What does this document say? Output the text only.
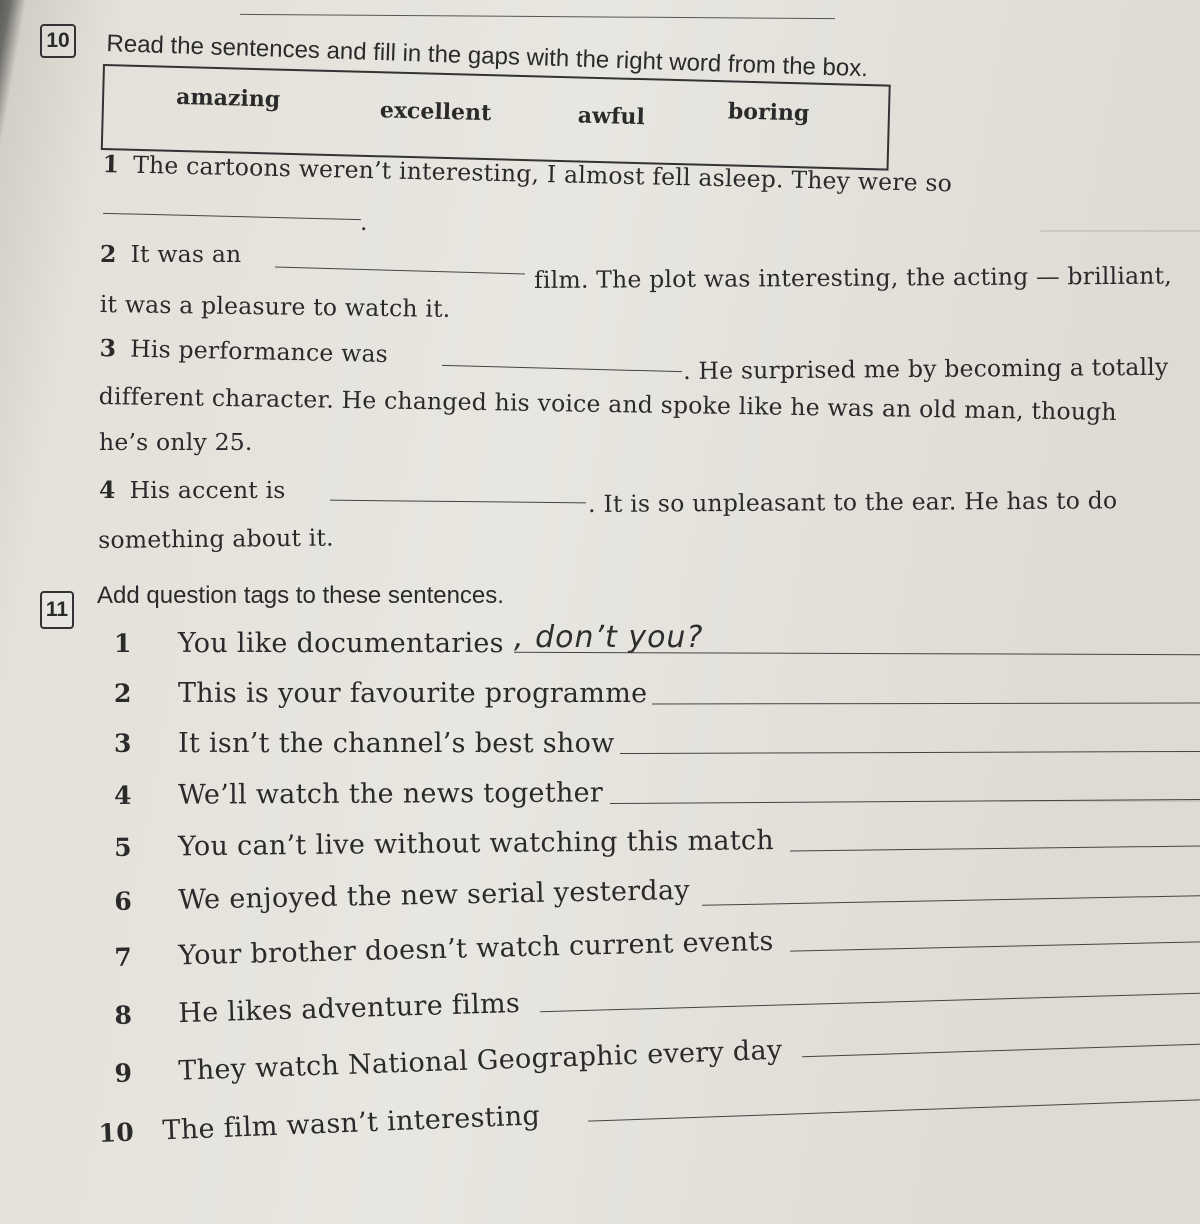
10 Read the sentences and fill in the gaps with the right word from the box.
amazing	excellent	awful	boring
1 The cartoons weren’t interesting, I almost fell asleep. They were so
.
2 It was an
film. The plot was interesting, the acting — brilliant,
it was a pleasure to watch it.
3 His performance was
. He surprised me by becoming a totally
different character. He changed his voice and spoke like he was an old man, though
he’s only 25.
4 His accent is	. It is so unpleasant to the ear. He has to do
something about it.
11
Add question tags to these sentences.
1 You like documentaries , don’t you?
2 This is your favourite programme
3 It isn’t the channel’s best show
4 We’ll watch the news together
5 You can’t live without watching this match
6 We enjoyed the new serial yesterday
7 Your brother doesn’t watch current events
8 He likes adventure films
9 They watch National Geographic every day
10 The film wasn’t interesting
